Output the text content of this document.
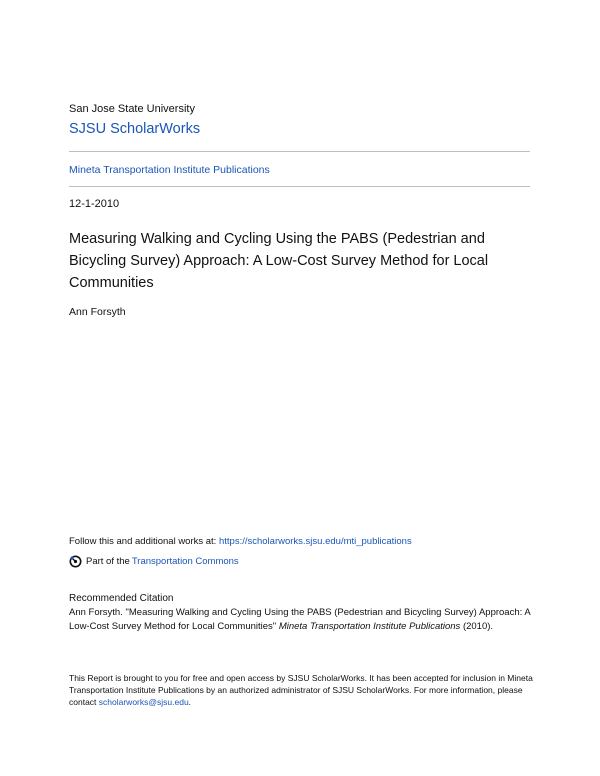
San Jose State University
SJSU ScholarWorks
Mineta Transportation Institute Publications
12-1-2010
Measuring Walking and Cycling Using the PABS (Pedestrian and Bicycling Survey) Approach: A Low-Cost Survey Method for Local Communities
Ann Forsyth
Follow this and additional works at: https://scholarworks.sjsu.edu/mti_publications
Part of the Transportation Commons
Recommended Citation
Ann Forsyth. "Measuring Walking and Cycling Using the PABS (Pedestrian and Bicycling Survey) Approach: A Low-Cost Survey Method for Local Communities" Mineta Transportation Institute Publications (2010).
This Report is brought to you for free and open access by SJSU ScholarWorks. It has been accepted for inclusion in Mineta Transportation Institute Publications by an authorized administrator of SJSU ScholarWorks. For more information, please contact scholarworks@sjsu.edu.
